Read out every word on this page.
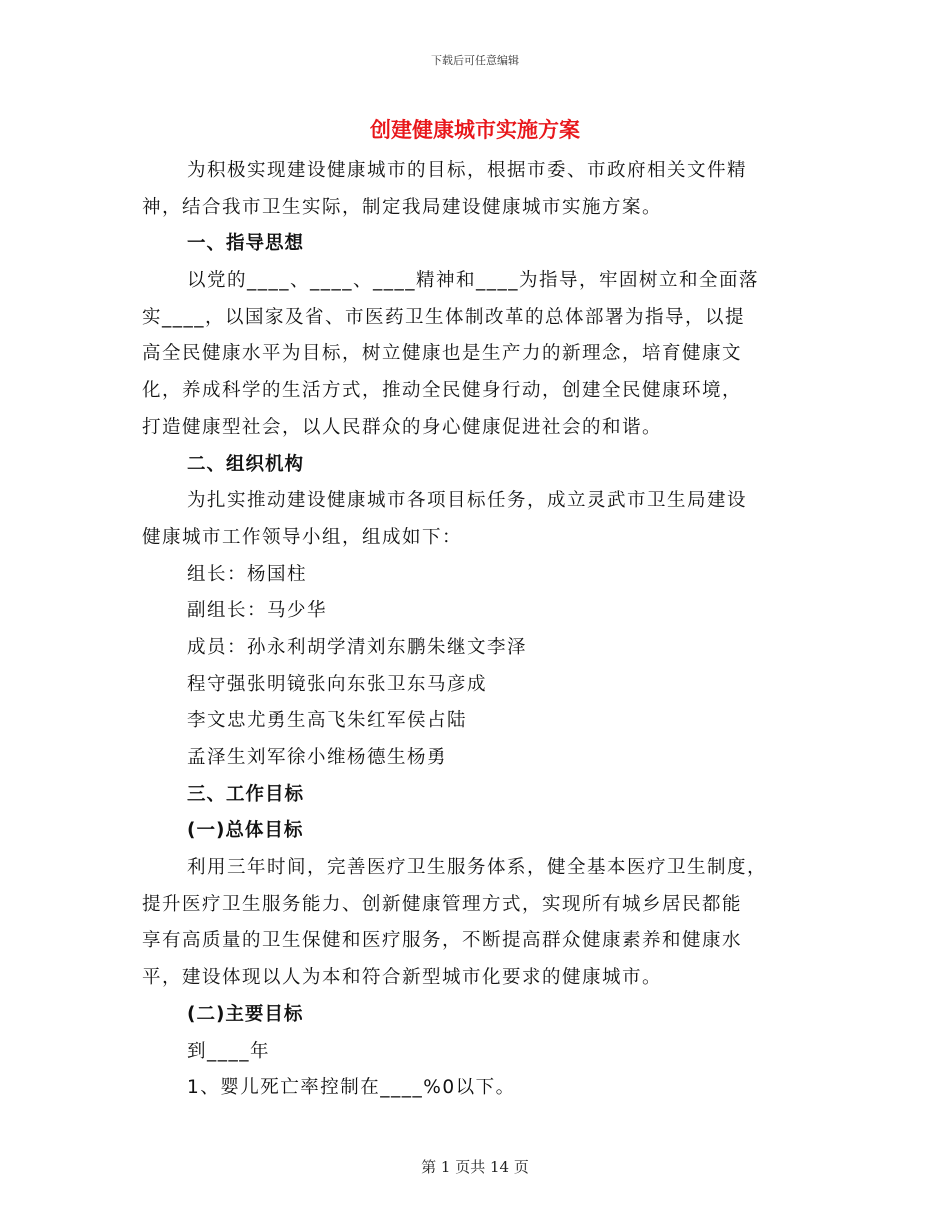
下载后可任意编辑
创建健康城市实施方案
为积极实现建设健康城市的目标，根据市委、市政府相关文件精
神，结合我市卫生实际，制定我局建设健康城市实施方案。
一、指导思想
以党的____、____、____精神和____为指导，牢固树立和全面落
实____，以国家及省、市医药卫生体制改革的总体部署为指导，以提
高全民健康水平为目标，树立健康也是生产力的新理念，培育健康文
化，养成科学的生活方式，推动全民健身行动，创建全民健康环境，
打造健康型社会，以人民群众的身心健康促进社会的和谐。
二、组织机构
为扎实推动建设健康城市各项目标任务，成立灵武市卫生局建设
健康城市工作领导小组，组成如下：
组长：杨国柱
副组长：马少华
成员：孙永利胡学清刘东鹏朱继文李泽
程守强张明镜张向东张卫东马彦成
李文忠尤勇生高飞朱红军侯占陆
孟泽生刘军徐小维杨德生杨勇
三、工作目标
(一)总体目标
利用三年时间，完善医疗卫生服务体系，健全基本医疗卫生制度，
提升医疗卫生服务能力、创新健康管理方式，实现所有城乡居民都能
享有高质量的卫生保健和医疗服务，不断提高群众健康素养和健康水
平，建设体现以人为本和符合新型城市化要求的健康城市。
(二)主要目标
到____年
1、婴儿死亡率控制在____%0以下。
第 1 页共 14 页
